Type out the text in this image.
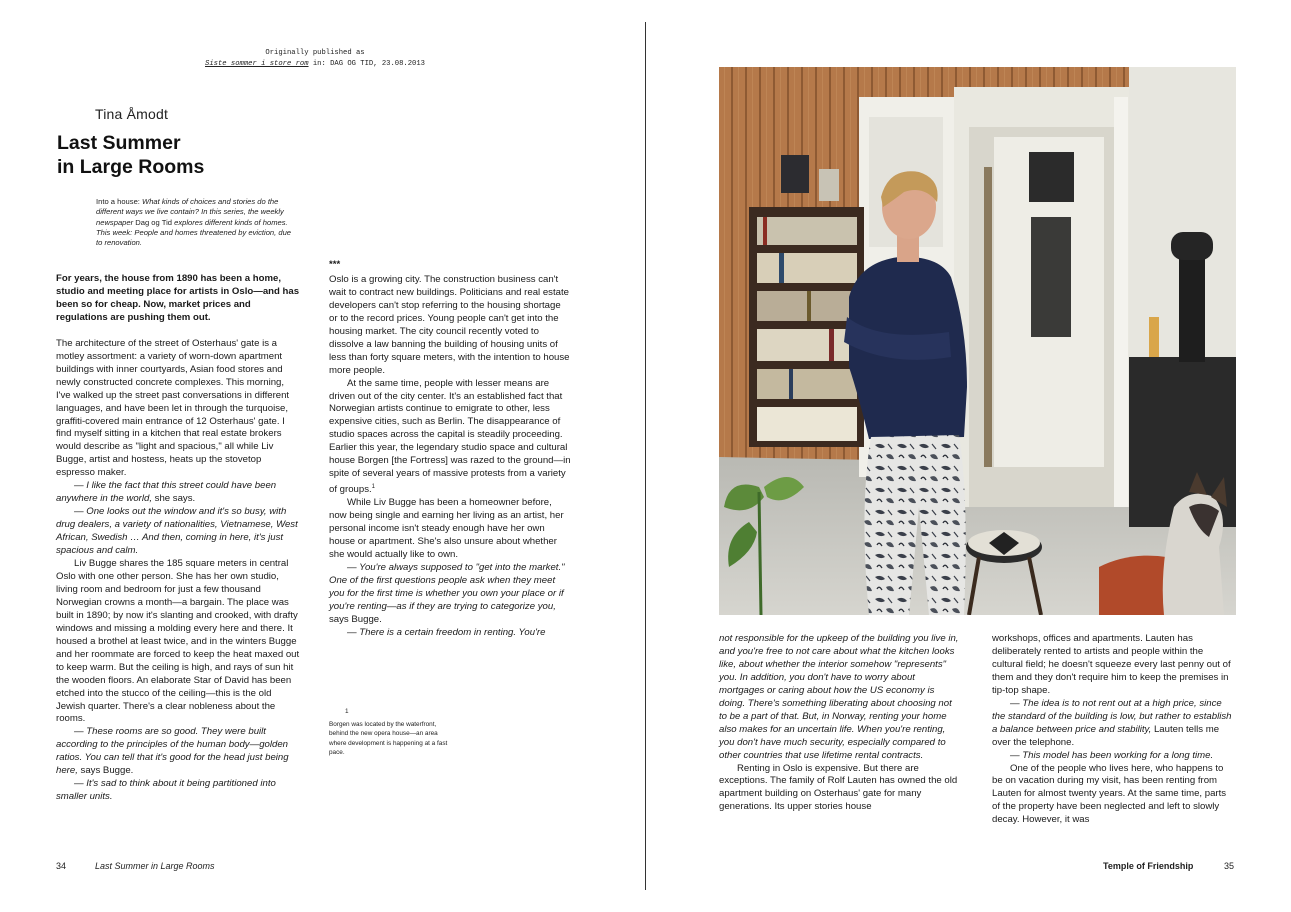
Originally published as
Siste sommer i store rom in: DAG OG TID, 23.08.2013
Tina Åmodt
Last Summer
in Large Rooms
Into a house: What kinds of choices and stories do the different ways we live contain? In this series, the weekly newspaper Dag og Tid explores different kinds of homes. This week: People and homes threatened by eviction, due to renovation.

For years, the house from 1890 has been a home, studio and meeting place for artists in Oslo—and has been so for cheap. Now, market prices and regulations are pushing them out.

The architecture of the street of Osterhaus' gate is a motley assortment: a variety of worn-down apartment buildings with inner courtyards, Asian food stores and newly constructed concrete complexes. This morning, I've walked up the street past conversations in different languages, and have been let in through the turquoise, graffiti-covered main entrance of 12 Osterhaus' gate. I find myself sitting in a kitchen that real estate brokers would describe as "light and spacious," all while Liv Bugge, artist and hostess, heats up the stovetop espresso maker.

— I like the fact that this street could have been anywhere in the world, she says.

— One looks out the window and it's so busy, with drug dealers, a variety of nationalities, Vietnamese, West African, Swedish … And then, coming in here, it's just spacious and calm.

Liv Bugge shares the 185 square meters in central Oslo with one other person. She has her own studio, living room and bedroom for just a few thousand Norwegian crowns a month—a bargain. The place was built in 1890; by now it's slanting and crooked, with drafty windows and missing a molding every here and there. It housed a brothel at least twice, and in the winters Bugge and her roommate are forced to keep the heat maxed out to keep warm. But the ceiling is high, and rays of sun hit the wooden floors. An elaborate Star of David has been etched into the stucco of the ceiling—this is the old Jewish quarter. There's a clear nobleness about the rooms.

— These rooms are so good. They were built according to the principles of the human body—golden ratios. You can tell that it's good for the head just being here, says Bugge.

— It's sad to think about it being partitioned into smaller units.

***

Oslo is a growing city. The construction business can't wait to contract new buildings. Politicians and real estate developers can't stop referring to the housing shortage or to the record prices. Young people can't get into the housing market. The city council recently voted to dissolve a law banning the building of housing units of less than forty square meters, with the intention to house more people.

At the same time, people with lesser means are driven out of the city center. It's an established fact that Norwegian artists continue to emigrate to other, less expensive cities, such as Berlin. The disappearance of studio spaces across the capital is steadily proceeding. Earlier this year, the legendary studio space and cultural house Borgen [the Fortress] was razed to the ground—in spite of several years of massive protests from a variety of groups.$^1$

While Liv Bugge has been a homeowner before, now being single and earning her living as an artist, her personal income isn't steady enough have her own house or apartment. She's also unsure about whether she would actually like to own.

— You're always supposed to "get into the market." One of the first questions people ask when they meet you for the first time is whether you own your place or if you're renting—as if they are trying to categorize you, says Bugge.

— There is a certain freedom in renting. You're

1
Borgen was located by the waterfront, behind the new opera house—an area where development is happening at a fast pace.
34	Last Summer in Large Rooms

not responsible for the upkeep of the building you live in, and you're free to not care about what the kitchen looks like, about whether the interior somehow "represents" you. In addition, you don't have to worry about mortgages or caring about how the US economy is doing. There's something liberating about choosing not to be a part of that. But, in Norway, renting your home also makes for an uncertain life. When you're renting, you don't have much security, especially compared to other countries that use lifetime rental contracts.

Renting in Oslo is expensive. But there are exceptions. The family of Rolf Lauten has owned the old apartment building on Osterhaus' gate for many generations. Its upper stories house

workshops, offices and apartments. Lauten has deliberately rented to artists and people within the cultural field; he doesn't squeeze every last penny out of them and they don't require him to keep the premises in tip-top shape.

— The idea is to not rent out at a high price, since the standard of the building is low, but rather to establish a balance between price and stability, Lauten tells me over the telephone.

— This model has been working for a long time.

One of the people who lives here, who happens to be on vacation during my visit, has been renting from Lauten for almost twenty years. At the same time, parts of the property have been neglected and left to slowly decay. However, it was

Temple of Friendship	35
